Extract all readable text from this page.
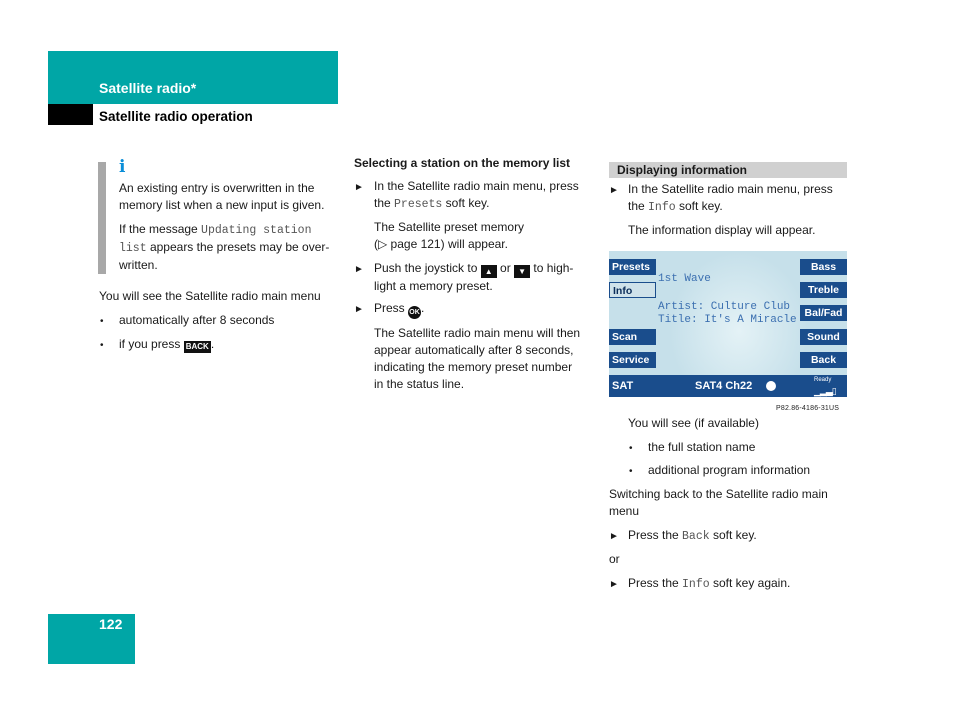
Satellite radio*
Satellite radio operation
i
An existing entry is overwritten in the memory list when a new input is given.
If the message Updating station
list appears the presets may be over-
written.
You will see the Satellite radio main menu
• automatically after 8 seconds
• if you press BACK .
Selecting a station on the memory list
► In the Satellite radio main menu, press
the Presets soft key.
The Satellite preset memory
(▷ page 121) will appear.
► Push the joystick to ▲ or ▼ to high-
light a memory preset.
► Press OK.
The Satellite radio main menu will then
appear automatically after 8 seconds,
indicating the memory preset number
in the status line.
Displaying information
► In the Satellite radio main menu, press
the Info soft key.
The information display will appear.
Presets
Info
Scan
Service
Bass
Treble
Bal/Fad
Sound
Back
1st Wave
Artist: Culture Club
Title: It's A Miracle
SAT	SAT4 Ch22	Ready
▁▂▃▯
P82.86-4186-31US
You will see (if available)
• the full station name
• additional program information
Switching back to the Satellite radio main
menu
► Press the Back soft key.
or
► Press the Info soft key again.
122
